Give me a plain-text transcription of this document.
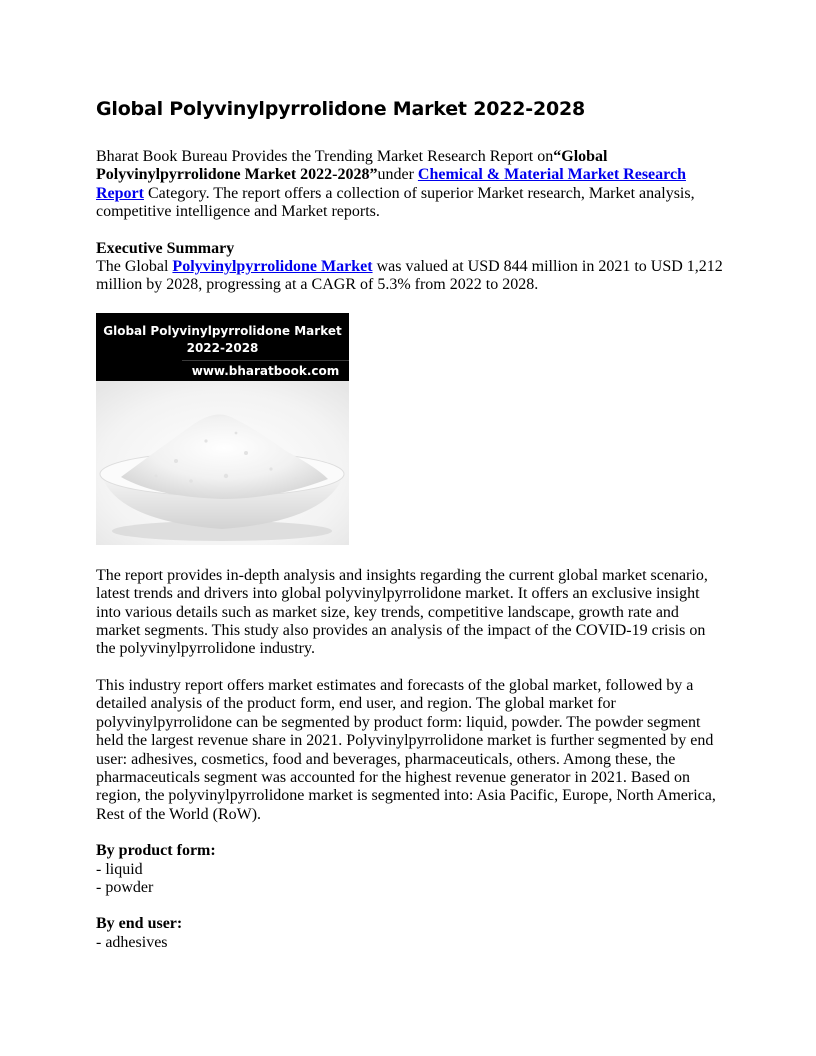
Global Polyvinylpyrrolidone Market 2022-2028

Bharat Book Bureau Provides the Trending Market Research Report on“Global Polyvinylpyrrolidone Market 2022-2028”under Chemical & Material Market Research Report Category. The report offers a collection of superior Market research, Market analysis, competitive intelligence and Market reports.

Executive Summary
The Global Polyvinylpyrrolidone Market was valued at USD 844 million in 2021 to USD 1,212 million by 2028, progressing at a CAGR of 5.3% from 2022 to 2028.

Global Polyvinylpyrrolidone Market
2022-2028
www.bharatbook.com

The report provides in-depth analysis and insights regarding the current global market scenario, latest trends and drivers into global polyvinylpyrrolidone market. It offers an exclusive insight into various details such as market size, key trends, competitive landscape, growth rate and market segments. This study also provides an analysis of the impact of the COVID-19 crisis on the polyvinylpyrrolidone industry.

This industry report offers market estimates and forecasts of the global market, followed by a detailed analysis of the product form, end user, and region. The global market for polyvinylpyrrolidone can be segmented by product form: liquid, powder. The powder segment held the largest revenue share in 2021. Polyvinylpyrrolidone market is further segmented by end user: adhesives, cosmetics, food and beverages, pharmaceuticals, others. Among these, the pharmaceuticals segment was accounted for the highest revenue generator in 2021. Based on region, the polyvinylpyrrolidone market is segmented into: Asia Pacific, Europe, North America, Rest of the World (RoW).

By product form:
- liquid
- powder
By end user:
- adhesives
